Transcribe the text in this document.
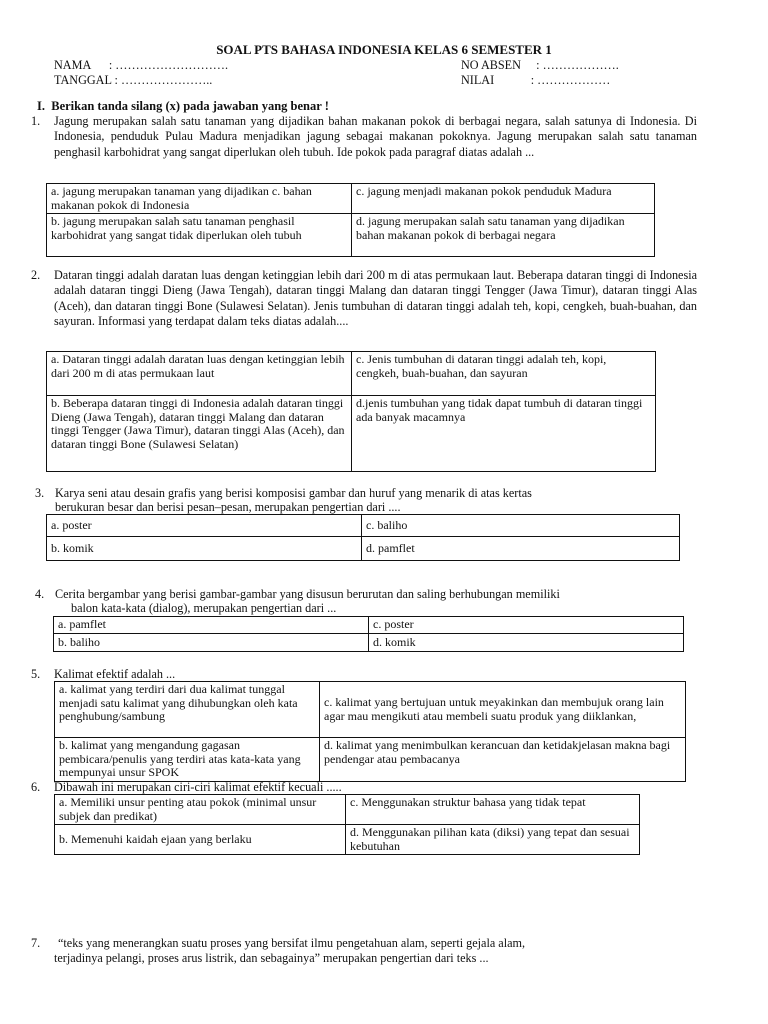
SOAL PTS BAHASA INDONESIA KELAS 6 SEMESTER 1
NAMA      : ……………………….
TANGGAL : …………………..
NO ABSEN     : ……………….
NILAI            : ………………
I. Berikan tanda silang (x) pada jawaban yang benar !
1.	Jagung merupakan salah satu tanaman yang dijadikan bahan makanan pokok di berbagai negara, salah satunya di Indonesia. Di Indonesia, penduduk Pulau Madura menjadikan jagung sebagai makanan pokoknya. Jagung merupakan salah satu tanaman penghasil karbohidrat yang sangat diperlukan oleh tubuh. Ide pokok pada paragraf diatas adalah ...
a. jagung merupakan tanaman yang dijadikan c. bahan makanan pokok di Indonesia	c. jagung menjadi makanan pokok penduduk Madura
b. jagung merupakan salah satu tanaman penghasil karbohidrat yang sangat tidak diperlukan oleh tubuh	d. jagung merupakan salah satu tanaman yang dijadikan bahan makanan pokok di berbagai negara
2.	Dataran tinggi adalah daratan luas dengan ketinggian lebih dari 200 m di atas permukaan laut. Beberapa dataran tinggi di Indonesia adalah dataran tinggi Dieng (Jawa Tengah), dataran tinggi Malang dan dataran tinggi Tengger (Jawa Timur), dataran tinggi Alas (Aceh), dan dataran tinggi Bone (Sulawesi Selatan). Jenis tumbuhan di dataran tinggi adalah teh, kopi, cengkeh, buah-buahan, dan sayuran. Informasi yang terdapat dalam teks diatas adalah....
a. Dataran tinggi adalah daratan luas dengan ketinggian lebih dari 200 m di atas permukaan laut	c. Jenis tumbuhan di dataran tinggi adalah teh, kopi, cengkeh, buah-buahan, dan sayuran
b. Beberapa dataran tinggi di Indonesia adalah dataran tinggi Dieng (Jawa Tengah), dataran tinggi Malang dan dataran tinggi Tengger (Jawa Timur), dataran tinggi Alas (Aceh), dan dataran tinggi Bone (Sulawesi Selatan)	d.jenis tumbuhan yang tidak dapat tumbuh di dataran tinggi ada banyak macamnya
3. Karya seni atau desain grafis yang berisi komposisi gambar dan huruf yang menarik di atas kertas
berukuran besar dan berisi pesan–pesan, merupakan pengertian dari ....
a. poster	c. baliho
b. komik	d. pamflet
4. Cerita bergambar yang berisi gambar-gambar yang disusun berurutan dan saling berhubungan memiliki
balon kata-kata (dialog), merupakan pengertian dari ...
a. pamflet	c. poster
b. baliho	d. komik
5.	Kalimat efektif adalah ...
a. kalimat yang terdiri dari dua kalimat tunggal menjadi satu kalimat yang dihubungkan oleh kata penghubung/sambung	c. kalimat yang bertujuan untuk meyakinkan dan membujuk orang lain agar mau mengikuti atau membeli suatu produk yang diiklankan,
b. kalimat yang mengandung gagasan pembicara/penulis yang terdiri atas kata-kata yang mempunyai unsur SPOK	d. kalimat yang menimbulkan kerancuan dan ketidakjelasan makna bagi pendengar atau pembacanya
6.	Dibawah ini merupakan ciri-ciri kalimat efektif kecuali .....
a. Memiliki unsur penting atau pokok (minimal unsur subjek dan predikat)	c. Menggunakan struktur bahasa yang tidak tepat
b. Memenuhi kaidah ejaan yang berlaku	d. Menggunakan pilihan kata (diksi) yang tepat dan sesuai kebutuhan
7.	“teks yang menerangkan suatu proses yang bersifat ilmu pengetahuan alam, seperti gejala alam,
terjadinya pelangi, proses arus listrik, dan sebagainya” merupakan pengertian dari teks ...
